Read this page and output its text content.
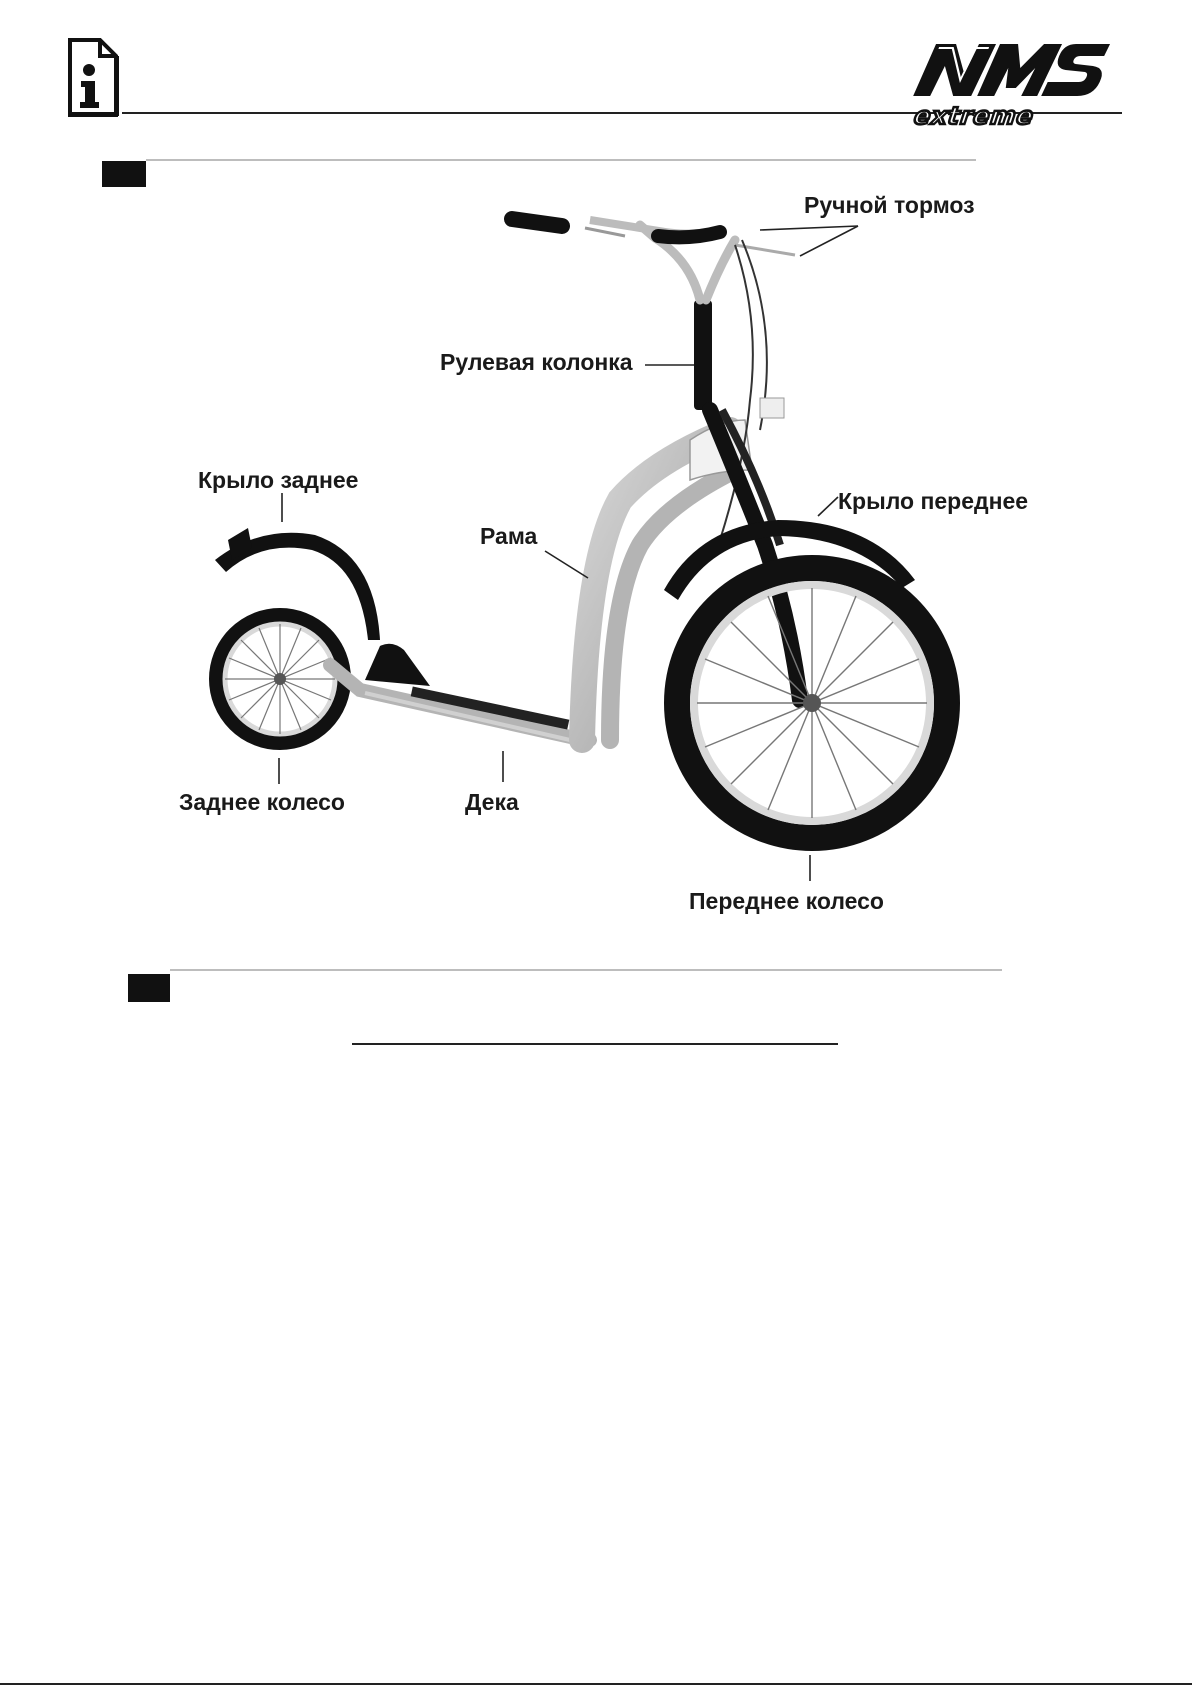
extreme
Ручной тормоз
Рулевая колонка
Крыло заднее
Крыло переднее
Рама
Заднее колесо	Дека
Переднее колесо
